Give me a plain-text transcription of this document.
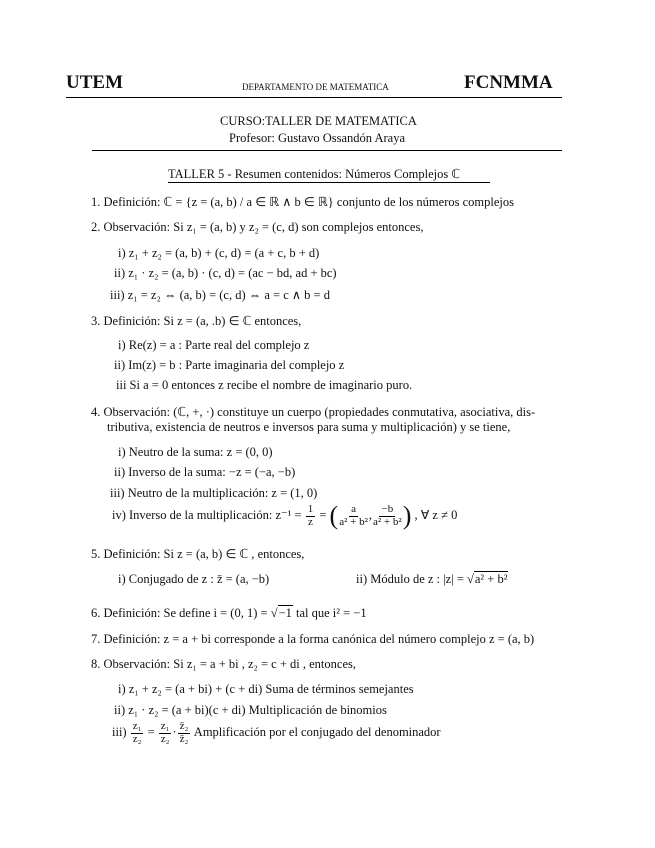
UTEM	DEPARTAMENTO DE MATEMATICA	FCNMMA
CURSO:TALLER DE MATEMATICA
Profesor: Gustavo Ossandón Araya
TALLER 5 - Resumen contenidos: Números Complejos ℂ
1. Definición: ℂ = {z = (a, b) / a ∈ ℝ ∧ b ∈ ℝ} conjunto de los números complejos
2. Observación: Si z₁ = (a, b) y z₂ = (c, d) son complejos entonces,
i) z₁ + z₂ = (a, b) + (c, d) = (a + c, b + d)
ii) z₁ · z₂ = (a, b) · (c, d) = (ac − bd, ad + bc)
iii) z₁ = z₂ ⇔ (a, b) = (c, d) ⇔ a = c ∧ b = d
3. Definición: Si z = (a, .b) ∈ ℂ entonces,
i) Re(z) = a : Parte real del complejo z
ii) Im(z) = b : Parte imaginaria del complejo z
iii Si a = 0 entonces z recibe el nombre de imaginario puro.
4. Observación: (ℂ, +, ·) constituye un cuerpo (propiedades conmutativa, asociativa, dis-
tributiva, existencia de neutros e inversos para suma y multiplicación) y se tiene,
i) Neutro de la suma: z = (0, 0)
ii) Inverso de la suma: −z = (−a, −b)
iii) Neutro de la multiplicación: z = (1, 0)
iv) Inverso de la multiplicación: $z^{-1} = \frac{1}{z}$ = ( $\frac{a}{\text{a² + b²}}$ , $\frac{-b}{\text{a² + b²}}$ ) , ∀ z ≠ 0
5. Definición: Si z = (a, b) ∈ ℂ , entonces,
i) Conjugado de z : z̄ = (a, −b)	ii) Módulo de z : |z| = √a² + b²
6. Definición: Se define i = (0, 1) = √−1 tal que i² = −1
7. Definición: z = a + bi corresponde a la forma canónica del número complejo z = (a, b)
8. Observación: Si z₁ = a + bi , z₂ = c + di , entonces,
i) z₁ + z₂ = (a + bi) + (c + di) Suma de términos semejantes
ii) z₁ · z₂ = (a + bi)(c + di) Multiplicación de binomios
$iii) \frac{\text{z₁}}{\text{z₂}} = \frac{\text{z₁}}{\text{z₂}} \cdot \frac{\text{z̄₂}}{\text{z̄₂}}$ Amplificación por el conjugado del denominador
